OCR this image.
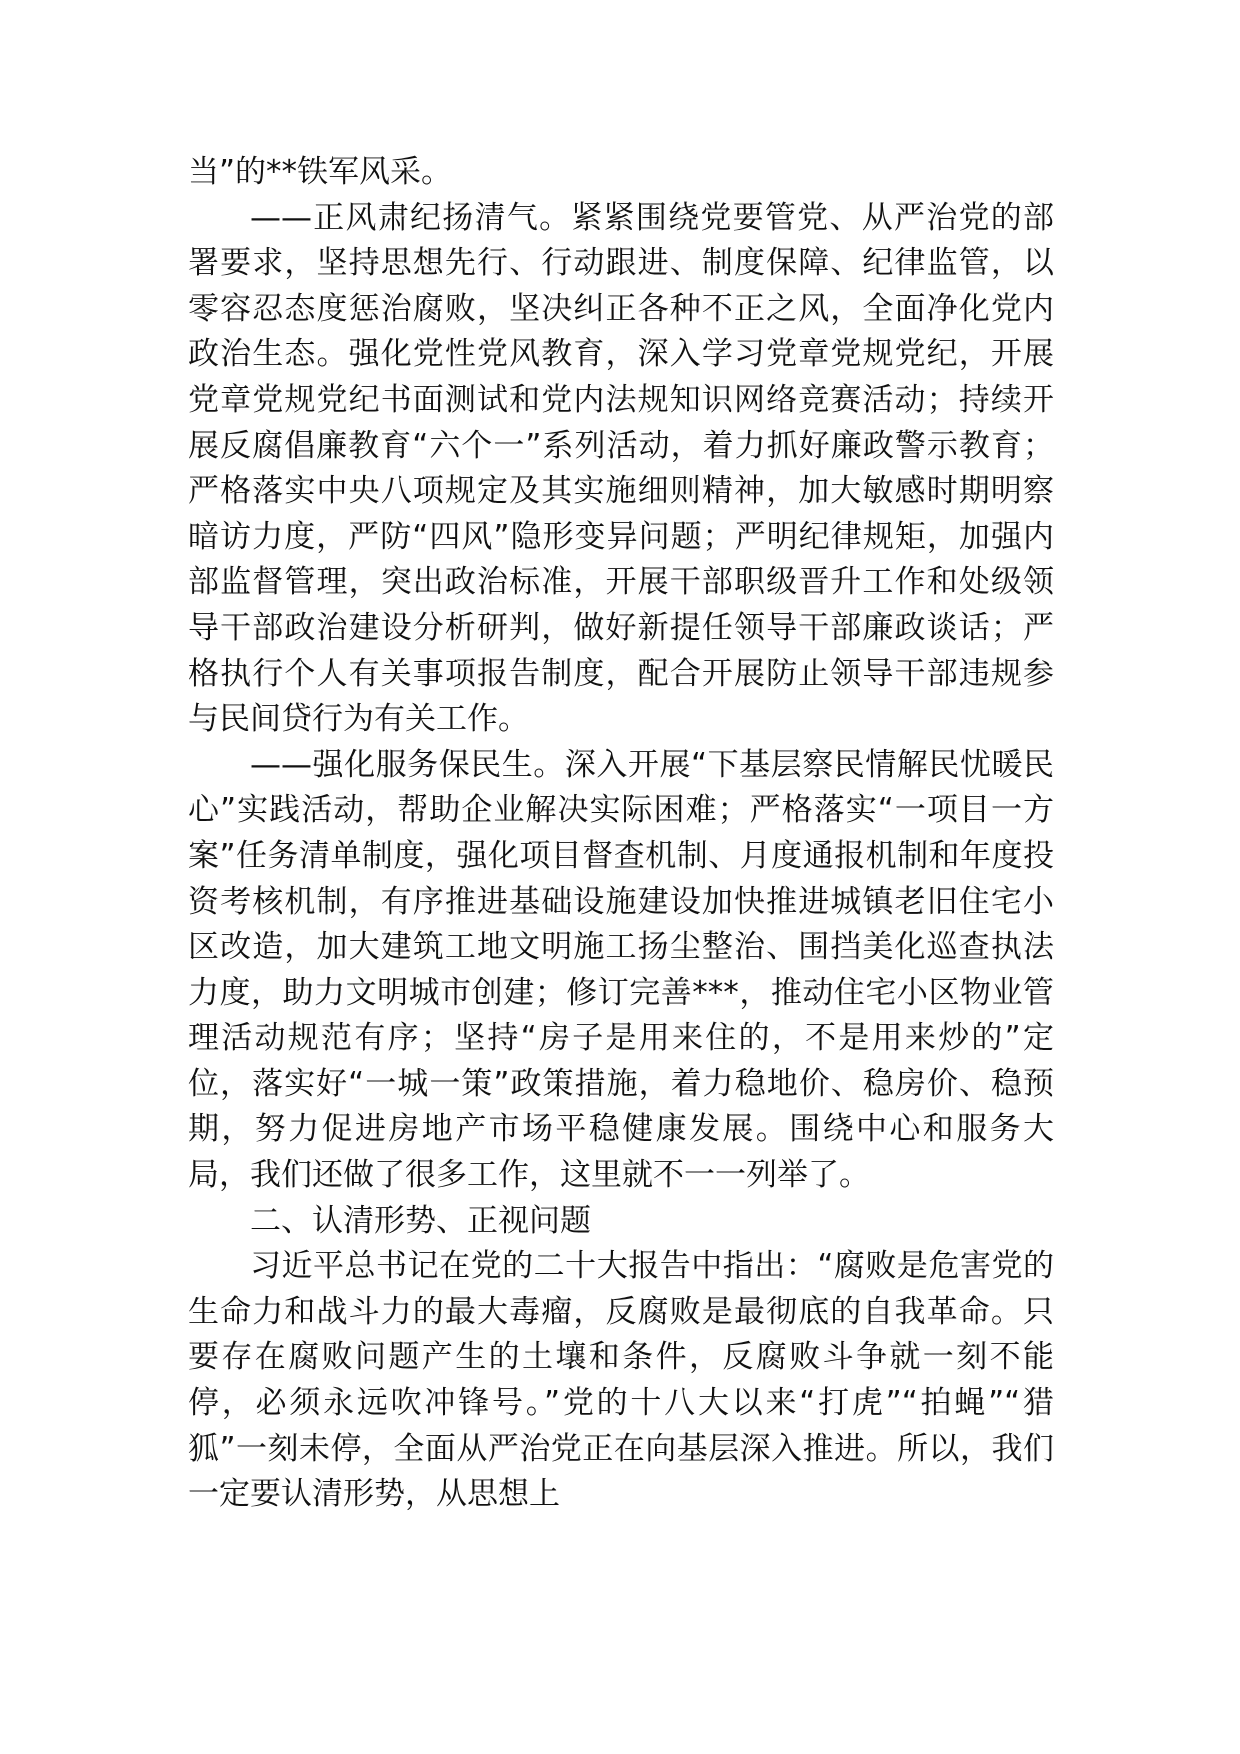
当”的**铁军风采。

——正风肃纪扬清气。紧紧围绕党要管党、从严治党的部署要求，坚持思想先行、行动跟进、制度保障、纪律监管，以零容忍态度惩治腐败，坚决纠正各种不正之风，全面净化党内政治生态。强化党性党风教育，深入学习党章党规党纪，开展党章党规党纪书面测试和党内法规知识网络竞赛活动；持续开展反腐倡廉教育“六个一”系列活动，着力抓好廉政警示教育；严格落实中央八项规定及其实施细则精神，加大敏感时期明察暗访力度，严防“四风”隐形变异问题；严明纪律规矩，加强内部监督管理，突出政治标准，开展干部职级晋升工作和处级领导干部政治建设分析研判，做好新提任领导干部廉政谈话；严格执行个人有关事项报告制度，配合开展防止领导干部违规参与民间贷行为有关工作。

——强化服务保民生。深入开展“下基层察民情解民忧暖民心”实践活动，帮助企业解决实际困难；严格落实“一项目一方案”任务清单制度，强化项目督查机制、月度通报机制和年度投资考核机制，有序推进基础设施建设加快推进城镇老旧住宅小区改造，加大建筑工地文明施工扬尘整治、围挡美化巡查执法力度，助力文明城市创建；修订完善***，推动住宅小区物业管理活动规范有序；坚持“房子是用来住的，不是用来炒的”定位，落实好“一城一策”政策措施，着力稳地价、稳房价、稳预期，努力促进房地产市场平稳健康发展。围绕中心和服务大局，我们还做了很多工作，这里就不一一列举了。

二、认清形势、正视问题

习近平总书记在党的二十大报告中指出：“腐败是危害党的生命力和战斗力的最大毒瘤，反腐败是最彻底的自我革命。只要存在腐败问题产生的土壤和条件，反腐败斗争就一刻不能停，必须永远吹冲锋号。”党的十八大以来“打虎”“拍蝇”“猎狐”一刻未停，全面从严治党正在向基层深入推进。所以，我们一定要认清形势，从思想上
